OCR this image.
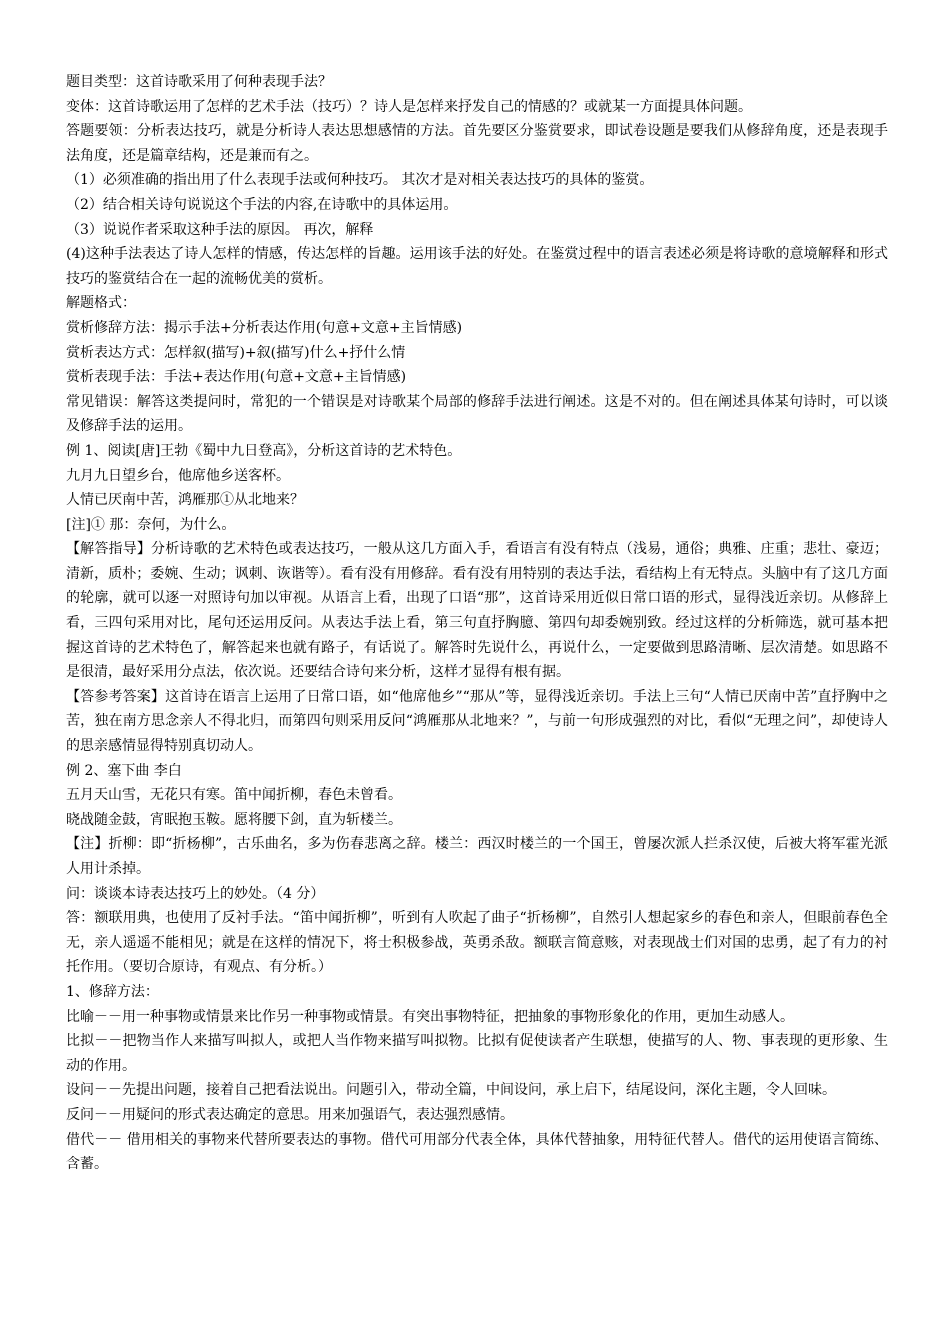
题目类型：这首诗歌采用了何种表现手法？

变体：这首诗歌运用了怎样的艺术手法（技巧）？诗人是怎样来抒发自己的情感的？或就某一方面提具体问题。

答题要领：分析表达技巧，就是分析诗人表达思想感情的方法。首先要区分鉴赏要求，即试卷设题是要我们从修辞角度，还是表现手法角度，还是篇章结构，还是兼而有之。

（1）必须准确的指出用了什么表现手法或何种技巧。 其次才是对相关表达技巧的具体的鉴赏。

（2）结合相关诗句说说这个手法的内容,在诗歌中的具体运用。

（3）说说作者采取这种手法的原因。 再次，解释

(4)这种手法表达了诗人怎样的情感，传达怎样的旨趣。运用该手法的好处。在鉴赏过程中的语言表述必须是将诗歌的意境解释和形式技巧的鉴赏结合在一起的流畅优美的赏析。

解题格式：

赏析修辞方法：揭示手法+分析表达作用(句意+文意+主旨情感)

赏析表达方式：怎样叙(描写)+叙(描写)什么+抒什么情

赏析表现手法：手法+表达作用(句意+文意+主旨情感)

常见错误：解答这类提问时，常犯的一个错误是对诗歌某个局部的修辞手法进行阐述。这是不对的。但在阐述具体某句诗时，可以谈及修辞手法的运用。

例 1、阅读[唐]王勃《蜀中九日登高》，分析这首诗的艺术特色。

九月九日望乡台，他席他乡送客杯。

人情已厌南中苦，鸿雁那①从北地来？

[注]① 那：奈何，为什么。

【解答指导】分析诗歌的艺术特色或表达技巧，一般从这几方面入手，看语言有没有特点（浅易，通俗；典雅、庄重；悲壮、豪迈；清新，质朴；委婉、生动；讽刺、诙谐等）。看有没有用修辞。看有没有用特别的表达手法，看结构上有无特点。头脑中有了这几方面的轮廓，就可以逐一对照诗句加以审视。从语言上看，出现了口语“那”，这首诗采用近似日常口语的形式，显得浅近亲切。从修辞上看，三四句采用对比，尾句还运用反问。从表达手法上看，第三句直抒胸臆、第四句却委婉别致。经过这样的分析筛选，就可基本把握这首诗的艺术特色了，解答起来也就有路子，有话说了。解答时先说什么，再说什么，一定要做到思路清晰、层次清楚。如思路不是很清，最好采用分点法，依次说。还要结合诗句来分析，这样才显得有根有据。

【答参考答案】这首诗在语言上运用了日常口语，如“他席他乡”“那从”等，显得浅近亲切。手法上三句“人情已厌南中苦”直抒胸中之苦，独在南方思念亲人不得北归，而第四句则采用反问“鸿雁那从北地来？”，与前一句形成强烈的对比，看似“无理之问”，却使诗人的思亲感情显得特别真切动人。

例 2、塞下曲 李白

五月天山雪，无花只有寒。笛中闻折柳，春色未曾看。

晓战随金鼓，宵眠抱玉鞍。愿将腰下剑，直为斩楼兰。

【注】折柳：即“折杨柳”，古乐曲名，多为伤春悲离之辞。楼兰：西汉时楼兰的一个国王，曾屡次派人拦杀汉使，后被大将军霍光派人用计杀掉。

问：谈谈本诗表达技巧上的妙处。（4 分）

答：额联用典，也使用了反衬手法。“笛中闻折柳”，听到有人吹起了曲子“折杨柳”，自然引人想起家乡的春色和亲人，但眼前春色全无，亲人遥遥不能相见；就是在这样的情况下，将士积极参战，英勇杀敌。额联言简意赅，对表现战士们对国的忠勇，起了有力的衬托作用。（要切合原诗，有观点、有分析。）

1、修辞方法：

比喻－－用一种事物或情景来比作另一种事物或情景。有突出事物特征，把抽象的事物形象化的作用，更加生动感人。

比拟－－把物当作人来描写叫拟人，或把人当作物来描写叫拟物。比拟有促使读者产生联想，使描写的人、物、事表现的更形象、生动的作用。

设问－－先提出问题，接着自己把看法说出。问题引入，带动全篇，中间设问，承上启下，结尾设问，深化主题，令人回味。

反问－－用疑问的形式表达确定的意思。用来加强语气，表达强烈感情。

借代－－ 借用相关的事物来代替所要表达的事物。借代可用部分代表全体，具体代替抽象，用特征代替人。借代的运用使语言简练、含蓄。
